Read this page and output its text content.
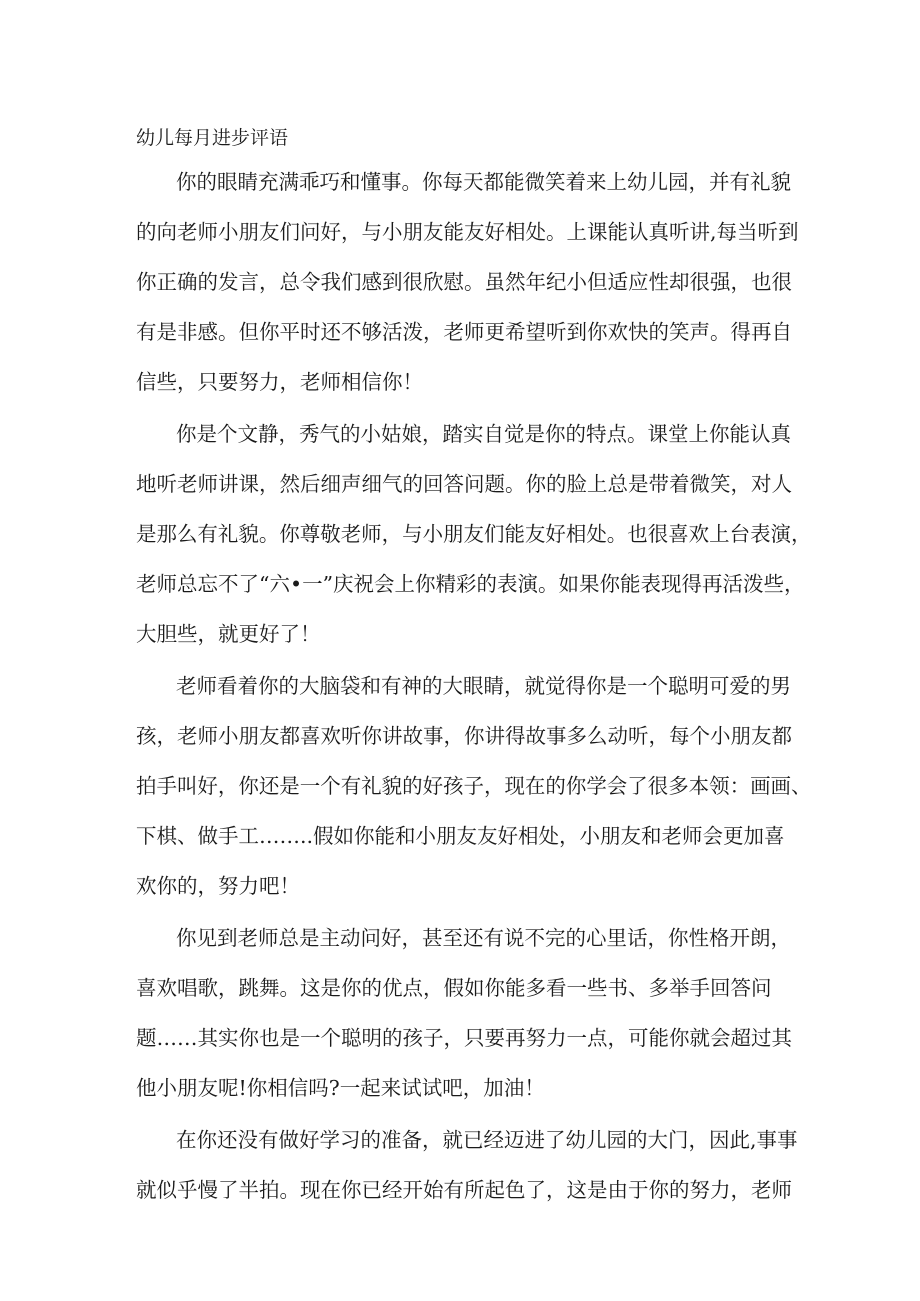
幼儿每月进步评语
你的眼睛充满乖巧和懂事。你每天都能微笑着来上幼儿园，并有礼貌
的向老师小朋友们问好，与小朋友能友好相处。上课能认真听讲,每当听到
你正确的发言，总令我们感到很欣慰。虽然年纪小但适应性却很强，也很
有是非感。但你平时还不够活泼，老师更希望听到你欢快的笑声。得再自
信些，只要努力，老师相信你！
你是个文静，秀气的小姑娘，踏实自觉是你的特点。课堂上你能认真
地听老师讲课，然后细声细气的回答问题。你的脸上总是带着微笑，对人
是那么有礼貌。你尊敬老师，与小朋友们能友好相处。也很喜欢上台表演，
老师总忘不了“六•一”庆祝会上你精彩的表演。如果你能表现得再活泼些，
大胆些，就更好了！
老师看着你的大脑袋和有神的大眼睛，就觉得你是一个聪明可爱的男
孩，老师小朋友都喜欢听你讲故事，你讲得故事多么动听，每个小朋友都
拍手叫好，你还是一个有礼貌的好孩子，现在的你学会了很多本领：画画、
下棋、做手工……..假如你能和小朋友友好相处，小朋友和老师会更加喜
欢你的，努力吧！
你见到老师总是主动问好，甚至还有说不完的心里话，你性格开朗，
喜欢唱歌，跳舞。这是你的优点，假如你能多看一些书、多举手回答问
题……其实你也是一个聪明的孩子，只要再努力一点，可能你就会超过其
他小朋友呢!你相信吗?一起来试试吧，加油！
在你还没有做好学习的准备，就已经迈进了幼儿园的大门，因此,事事
就似乎慢了半拍。现在你已经开始有所起色了，这是由于你的努力，老师
